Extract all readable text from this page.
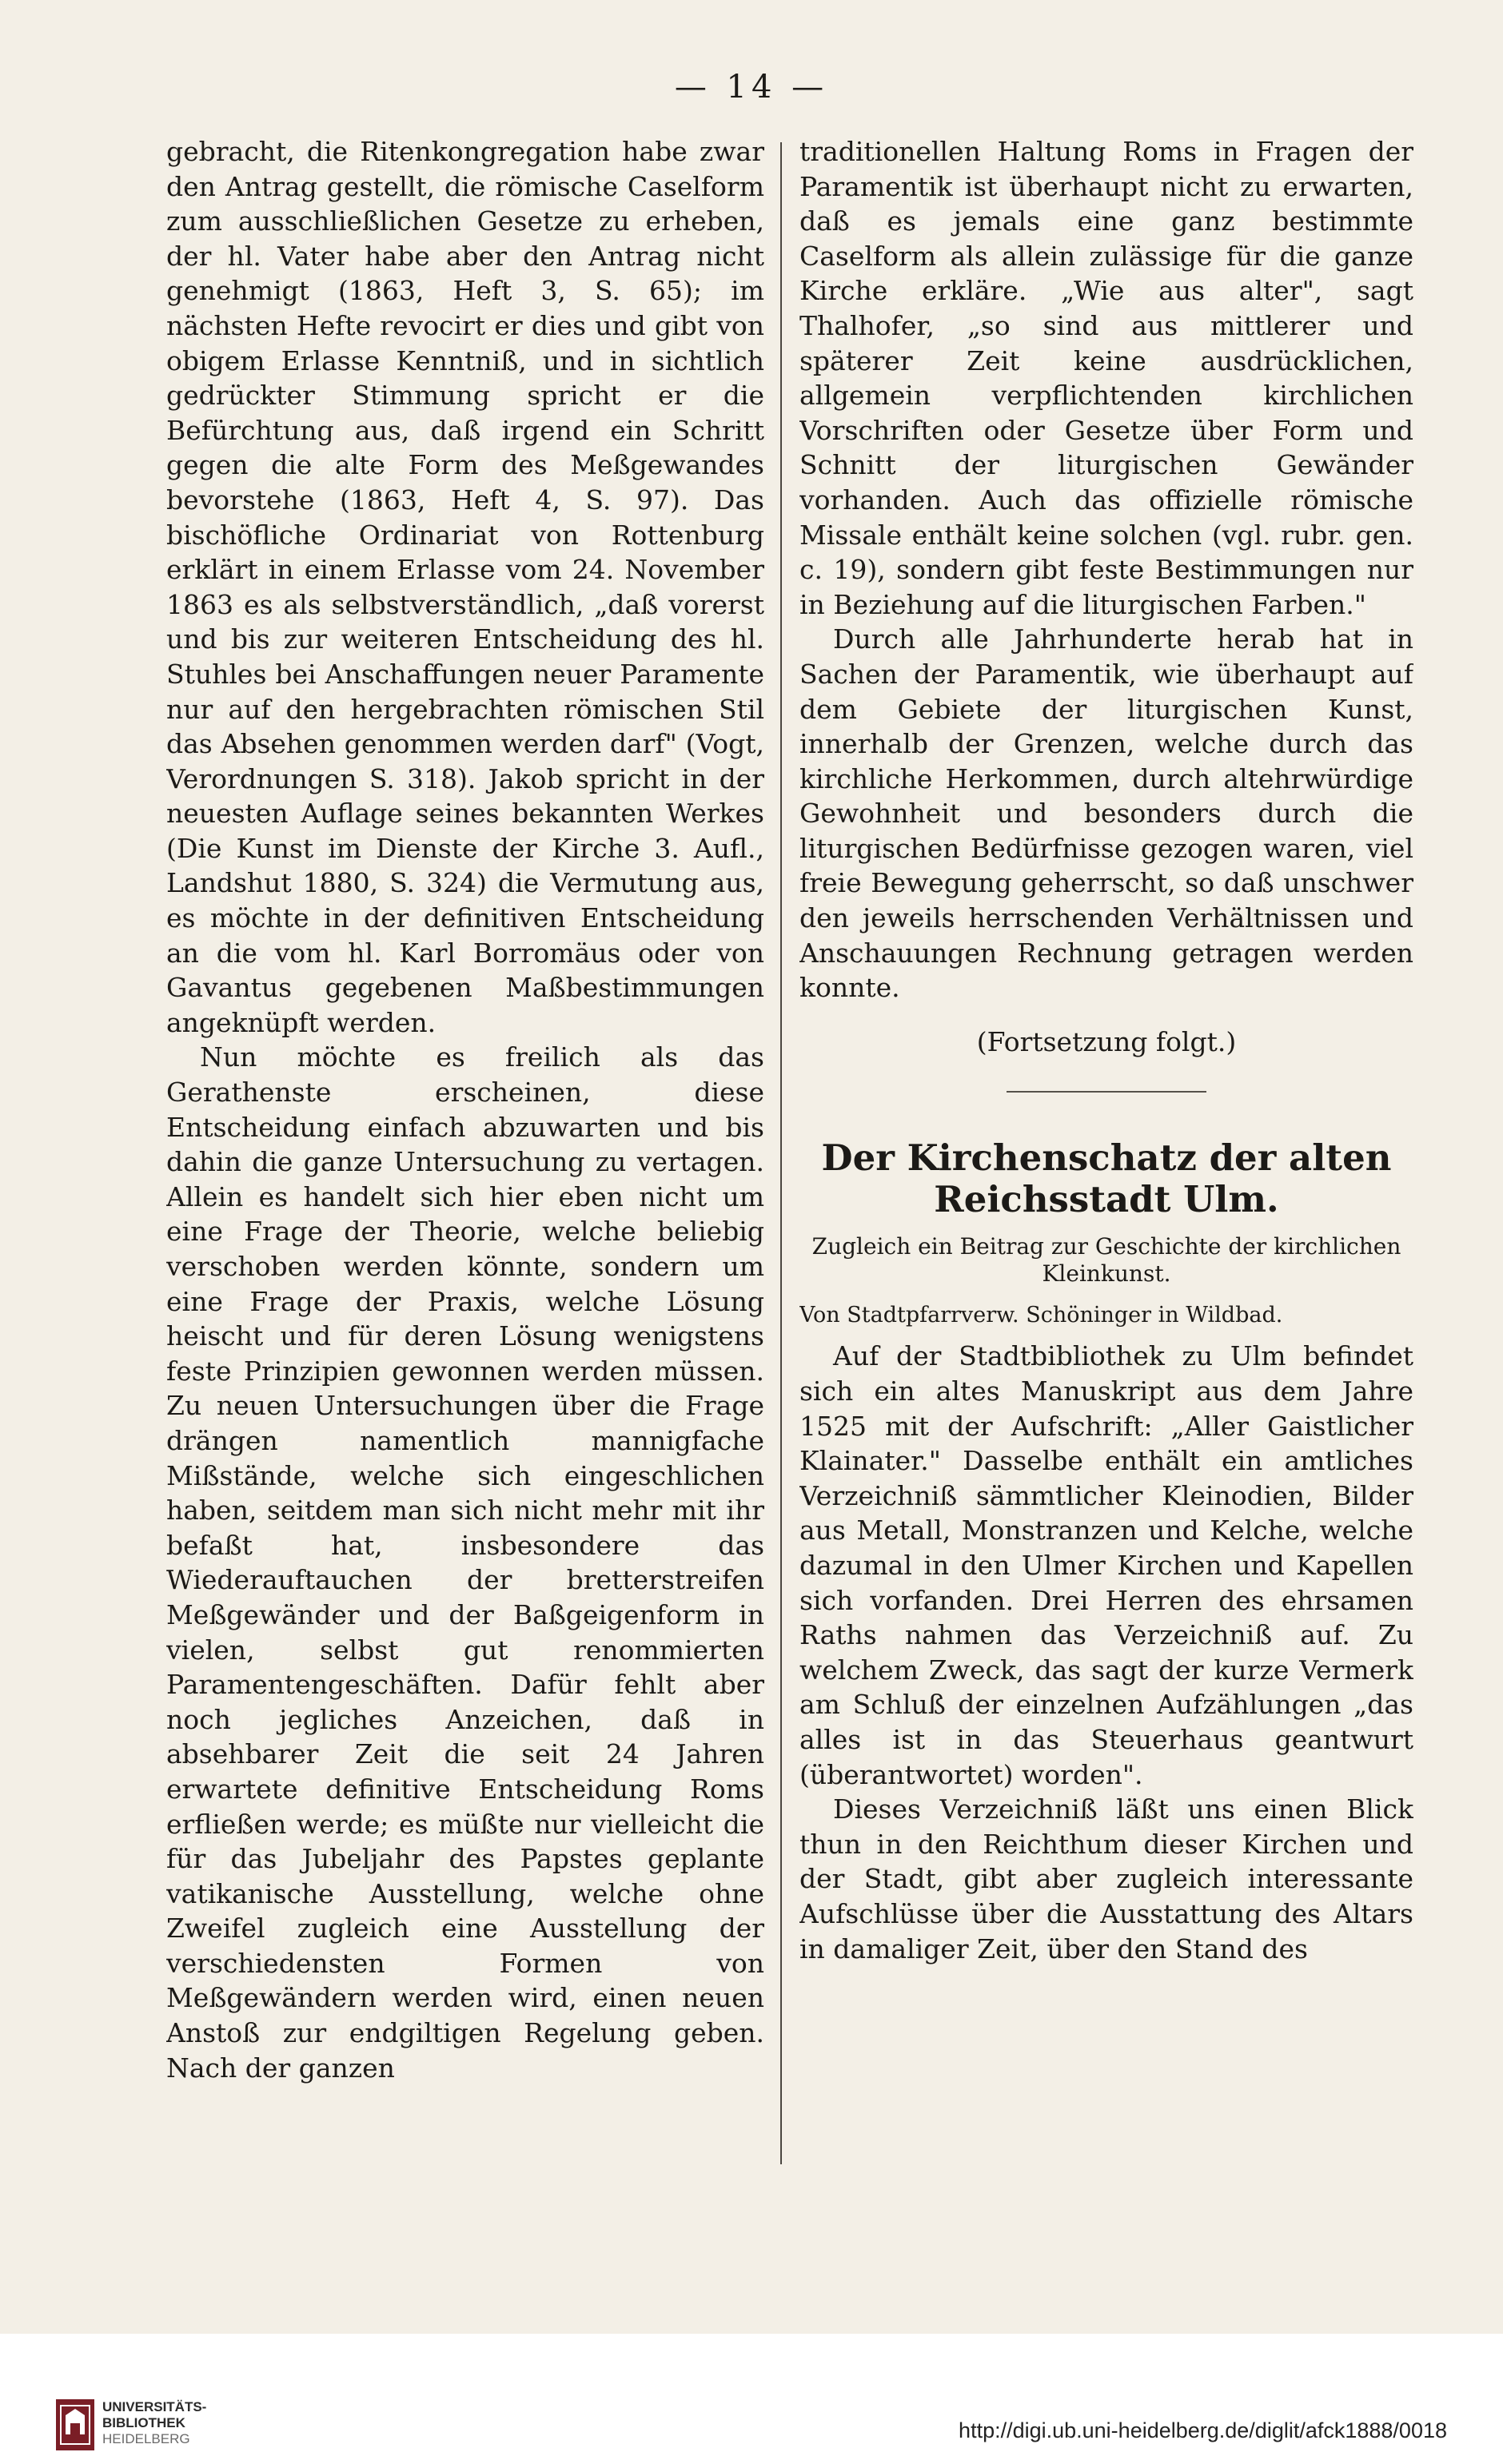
— 14 —

gebracht, die Ritenkongregation habe zwar den Antrag gestellt, die römische Caselform zum ausschließlichen Gesetze zu erheben, der hl. Vater habe aber den Antrag nicht genehmigt (1863, Heft 3, S. 65); im nächsten Hefte revocirt er dies und gibt von obigem Erlasse Kenntniß, und in sichtlich gedrückter Stimmung spricht er die Befürchtung aus, daß irgend ein Schritt gegen die alte Form des Meßgewandes bevorstehe (1863, Heft 4, S. 97). Das bischöfliche Ordinariat von Rottenburg erklärt in einem Erlasse vom 24. November 1863 es als selbstverständlich, „daß vorerst und bis zur weiteren Entscheidung des hl. Stuhles bei Anschaffungen neuer Paramente nur auf den hergebrachten römischen Stil das Absehen genommen werden darf" (Vogt, Verordnungen S. 318). Jakob spricht in der neuesten Auflage seines bekannten Werkes (Die Kunst im Dienste der Kirche 3. Aufl., Landshut 1880, S. 324) die Vermutung aus, es möchte in der definitiven Entscheidung an die vom hl. Karl Borromäus oder von Gavantus gegebenen Maßbestimmungen angeknüpft werden.

Nun möchte es freilich als das Gerathenste erscheinen, diese Entscheidung einfach abzuwarten und bis dahin die ganze Untersuchung zu vertagen. Allein es handelt sich hier eben nicht um eine Frage der Theorie, welche beliebig verschoben werden könnte, sondern um eine Frage der Praxis, welche Lösung heischt und für deren Lösung wenigstens feste Prinzipien gewonnen werden müssen. Zu neuen Untersuchungen über die Frage drängen namentlich mannigfache Mißstände, welche sich eingeschlichen haben, seitdem man sich nicht mehr mit ihr befaßt hat, insbesondere das Wiederauftauchen der bretterstreifen Meßgewänder und der Baßgeigenform in vielen, selbst gut renommierten Paramentengeschäften. Dafür fehlt aber noch jegliches Anzeichen, daß in absehbarer Zeit die seit 24 Jahren erwartete definitive Entscheidung Roms erfließen werde; es müßte nur vielleicht die für das Jubeljahr des Papstes geplante vatikanische Ausstellung, welche ohne Zweifel zugleich eine Ausstellung der verschiedensten Formen von Meßgewändern werden wird, einen neuen Anstoß zur endgiltigen Regelung geben. Nach der ganzen

traditionellen Haltung Roms in Fragen der Paramentik ist überhaupt nicht zu erwarten, daß es jemals eine ganz bestimmte Caselform als allein zulässige für die ganze Kirche erkläre. „Wie aus alter", sagt Thalhofer, „so sind aus mittlerer und späterer Zeit keine ausdrücklichen, allgemein verpflichtenden kirchlichen Vorschriften oder Gesetze über Form und Schnitt der liturgischen Gewänder vorhanden. Auch das offizielle römische Missale enthält keine solchen (vgl. rubr. gen. c. 19), sondern gibt feste Bestimmungen nur in Beziehung auf die liturgischen Farben."

Durch alle Jahrhunderte herab hat in Sachen der Paramentik, wie überhaupt auf dem Gebiete der liturgischen Kunst, innerhalb der Grenzen, welche durch das kirchliche Herkommen, durch altehrwürdige Gewohnheit und besonders durch die liturgischen Bedürfnisse gezogen waren, viel freie Bewegung geherrscht, so daß unschwer den jeweils herrschenden Verhältnissen und Anschauungen Rechnung getragen werden konnte.

(Fortsetzung folgt.)
Der Kirchenschatz der alten Reichsstadt Ulm.
Zugleich ein Beitrag zur Geschichte der kirchlichen Kleinkunst.
Von Stadtpfarrverw. Schöninger in Wildbad.

Auf der Stadtbibliothek zu Ulm befindet sich ein altes Manuskript aus dem Jahre 1525 mit der Aufschrift: „Aller Gaistlicher Klainater." Dasselbe enthält ein amtliches Verzeichniß sämmtlicher Kleinodien, Bilder aus Metall, Monstranzen und Kelche, welche dazumal in den Ulmer Kirchen und Kapellen sich vorfanden. Drei Herren des ehrsamen Raths nahmen das Verzeichniß auf. Zu welchem Zweck, das sagt der kurze Vermerk am Schluß der einzelnen Aufzählungen „das alles ist in das Steuerhaus geantwurt (überantwortet) worden".

Dieses Verzeichniß läßt uns einen Blick thun in den Reichthum dieser Kirchen und der Stadt, gibt aber zugleich interessante Aufschlüsse über die Ausstattung des Altars in damaliger Zeit, über den Stand des

UNIVERSITÄTS-
BIBLIOTHEK
HEIDELBERG	http://digi.ub.uni-heidelberg.de/diglit/afck1888/0018
